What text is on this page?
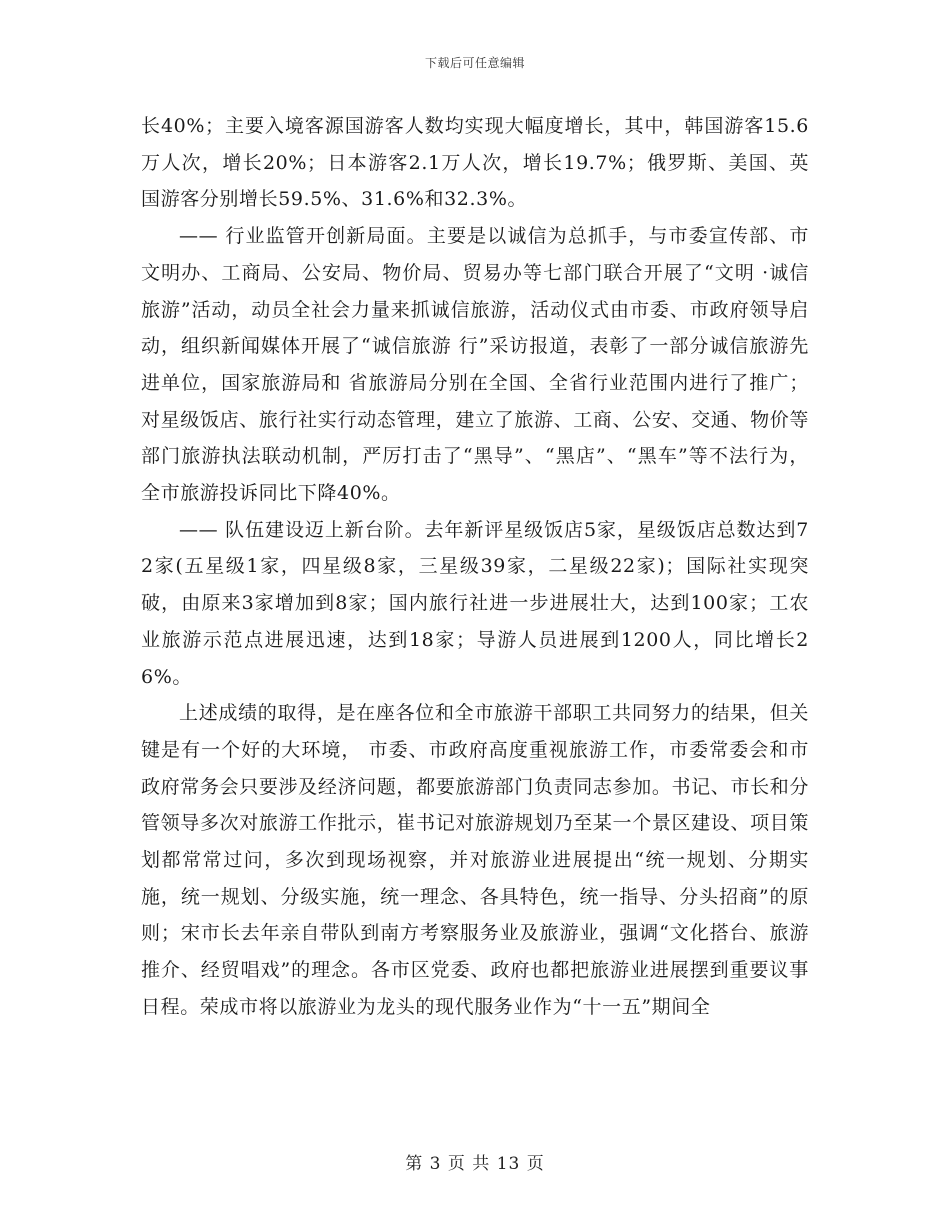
下载后可任意编辑

长40%；主要入境客源国游客人数均实现大幅度增长，其中，韩国游客15.6万人次，增长20%；日本游客2.1万人次，增长19.7%；俄罗斯、美国、英国游客分别增长59.5%、31.6%和32.3%。

—— 行业监管开创新局面。主要是以诚信为总抓手，与市委宣传部、市文明办、工商局、公安局、物价局、贸易办等七部门联合开展了“文明 ·诚信旅游”活动，动员全社会力量来抓诚信旅游，活动仪式由市委、市政府领导启动，组织新闻媒体开展了“诚信旅游 行”采访报道，表彰了一部分诚信旅游先进单位，国家旅游局和 省旅游局分别在全国、全省行业范围内进行了推广；对星级饭店、旅行社实行动态管理，建立了旅游、工商、公安、交通、物价等部门旅游执法联动机制，严厉打击了“黑导”、“黑店”、“黑车”等不法行为，全市旅游投诉同比下降40%。

—— 队伍建设迈上新台阶。去年新评星级饭店5家，星级饭店总数达到72家(五星级1家，四星级8家，三星级39家，二星级22家)；国际社实现突破，由原来3家增加到8家；国内旅行社进一步进展壮大，达到100家；工农业旅游示范点进展迅速，达到18家；导游人员进展到1200人，同比增长26%。

上述成绩的取得，是在座各位和全市旅游干部职工共同努力的结果，但关键是有一个好的大环境， 市委、市政府高度重视旅游工作，市委常委会和市政府常务会只要涉及经济问题，都要旅游部门负责同志参加。书记、市长和分管领导多次对旅游工作批示，崔书记对旅游规划乃至某一个景区建设、项目策划都常常过问，多次到现场视察，并对旅游业进展提出“统一规划、分期实施，统一规划、分级实施，统一理念、各具特色，统一指导、分头招商”的原则；宋市长去年亲自带队到南方考察服务业及旅游业，强调“文化搭台、旅游推介、经贸唱戏”的理念。各市区党委、政府也都把旅游业进展摆到重要议事日程。荣成市将以旅游业为龙头的现代服务业作为“十一五”期间全

第 3 页 共 13 页
